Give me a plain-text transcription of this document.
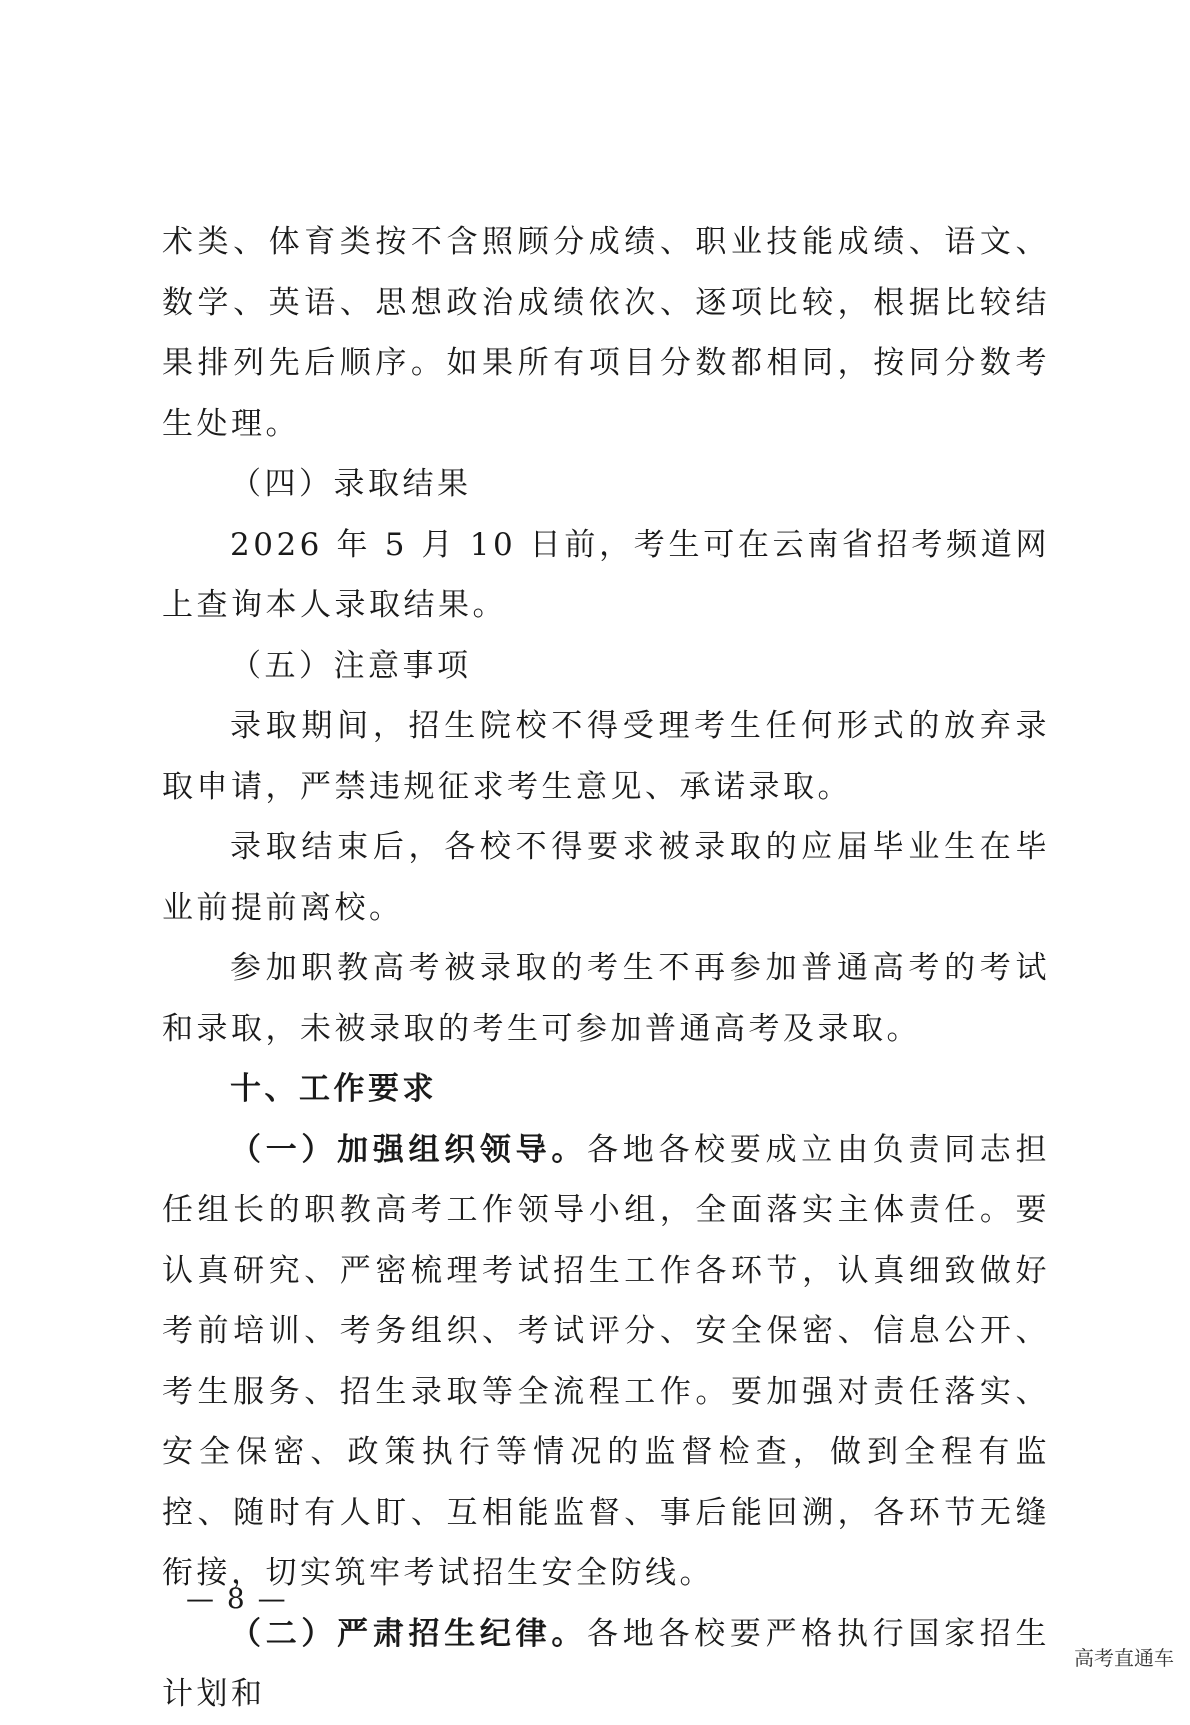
术类、体育类按不含照顾分成绩、职业技能成绩、语文、数学、英语、思想政治成绩依次、逐项比较，根据比较结果排列先后顺序。如果所有项目分数都相同，按同分数考生处理。

（四）录取结果

2026 年 5 月 10 日前，考生可在云南省招考频道网上查询本人录取结果。

（五）注意事项

录取期间，招生院校不得受理考生任何形式的放弃录取申请，严禁违规征求考生意见、承诺录取。

录取结束后，各校不得要求被录取的应届毕业生在毕业前提前离校。

参加职教高考被录取的考生不再参加普通高考的考试和录取，未被录取的考生可参加普通高考及录取。

十、工作要求

（一）加强组织领导。各地各校要成立由负责同志担任组长的职教高考工作领导小组，全面落实主体责任。要认真研究、严密梳理考试招生工作各环节，认真细致做好考前培训、考务组织、考试评分、安全保密、信息公开、考生服务、招生录取等全流程工作。要加强对责任落实、安全保密、政策执行等情况的监督检查，做到全程有监控、随时有人盯、互相能监督、事后能回溯，各环节无缝衔接，切实筑牢考试招生安全防线。

（二）严肃招生纪律。各地各校要严格执行国家招生计划和

— 8 —
高考直通车
